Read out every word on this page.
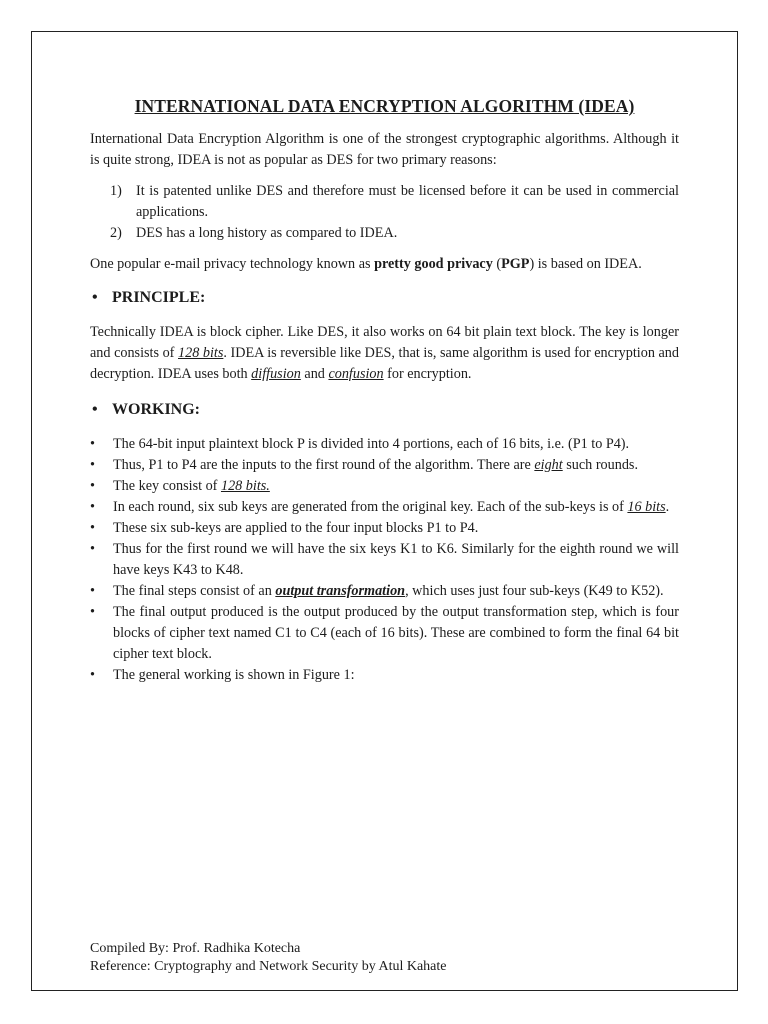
INTERNATIONAL DATA ENCRYPTION ALGORITHM (IDEA)

International Data Encryption Algorithm is one of the strongest cryptographic algorithms. Although it is quite strong, IDEA is not as popular as DES for two primary reasons:

1) It is patented unlike DES and therefore must be licensed before it can be used in commercial applications.
2) DES has a long history as compared to IDEA.

One popular e-mail privacy technology known as pretty good privacy (PGP) is based on IDEA.

• PRINCIPLE:

Technically IDEA is block cipher. Like DES, it also works on 64 bit plain text block. The key is longer and consists of 128 bits. IDEA is reversible like DES, that is, same algorithm is used for encryption and decryption. IDEA uses both diffusion and confusion for encryption.

• WORKING:
• The 64-bit input plaintext block P is divided into 4 portions, each of 16 bits, i.e. (P1 to P4).
• Thus, P1 to P4 are the inputs to the first round of the algorithm. There are eight such rounds.
• The key consist of 128 bits.
• In each round, six sub keys are generated from the original key. Each of the sub-keys is of 16 bits.
• These six sub-keys are applied to the four input blocks P1 to P4.
• Thus for the first round we will have the six keys K1 to K6. Similarly for the eighth round we will have keys K43 to K48.
• The final steps consist of an output transformation, which uses just four sub-keys (K49 to K52).
• The final output produced is the output produced by the output transformation step, which is four blocks of cipher text named C1 to C4 (each of 16 bits). These are combined to form the final 64 bit cipher text block.
• The general working is shown in Figure 1:
Compiled By: Prof. Radhika Kotecha
Reference: Cryptography and Network Security by Atul Kahate
